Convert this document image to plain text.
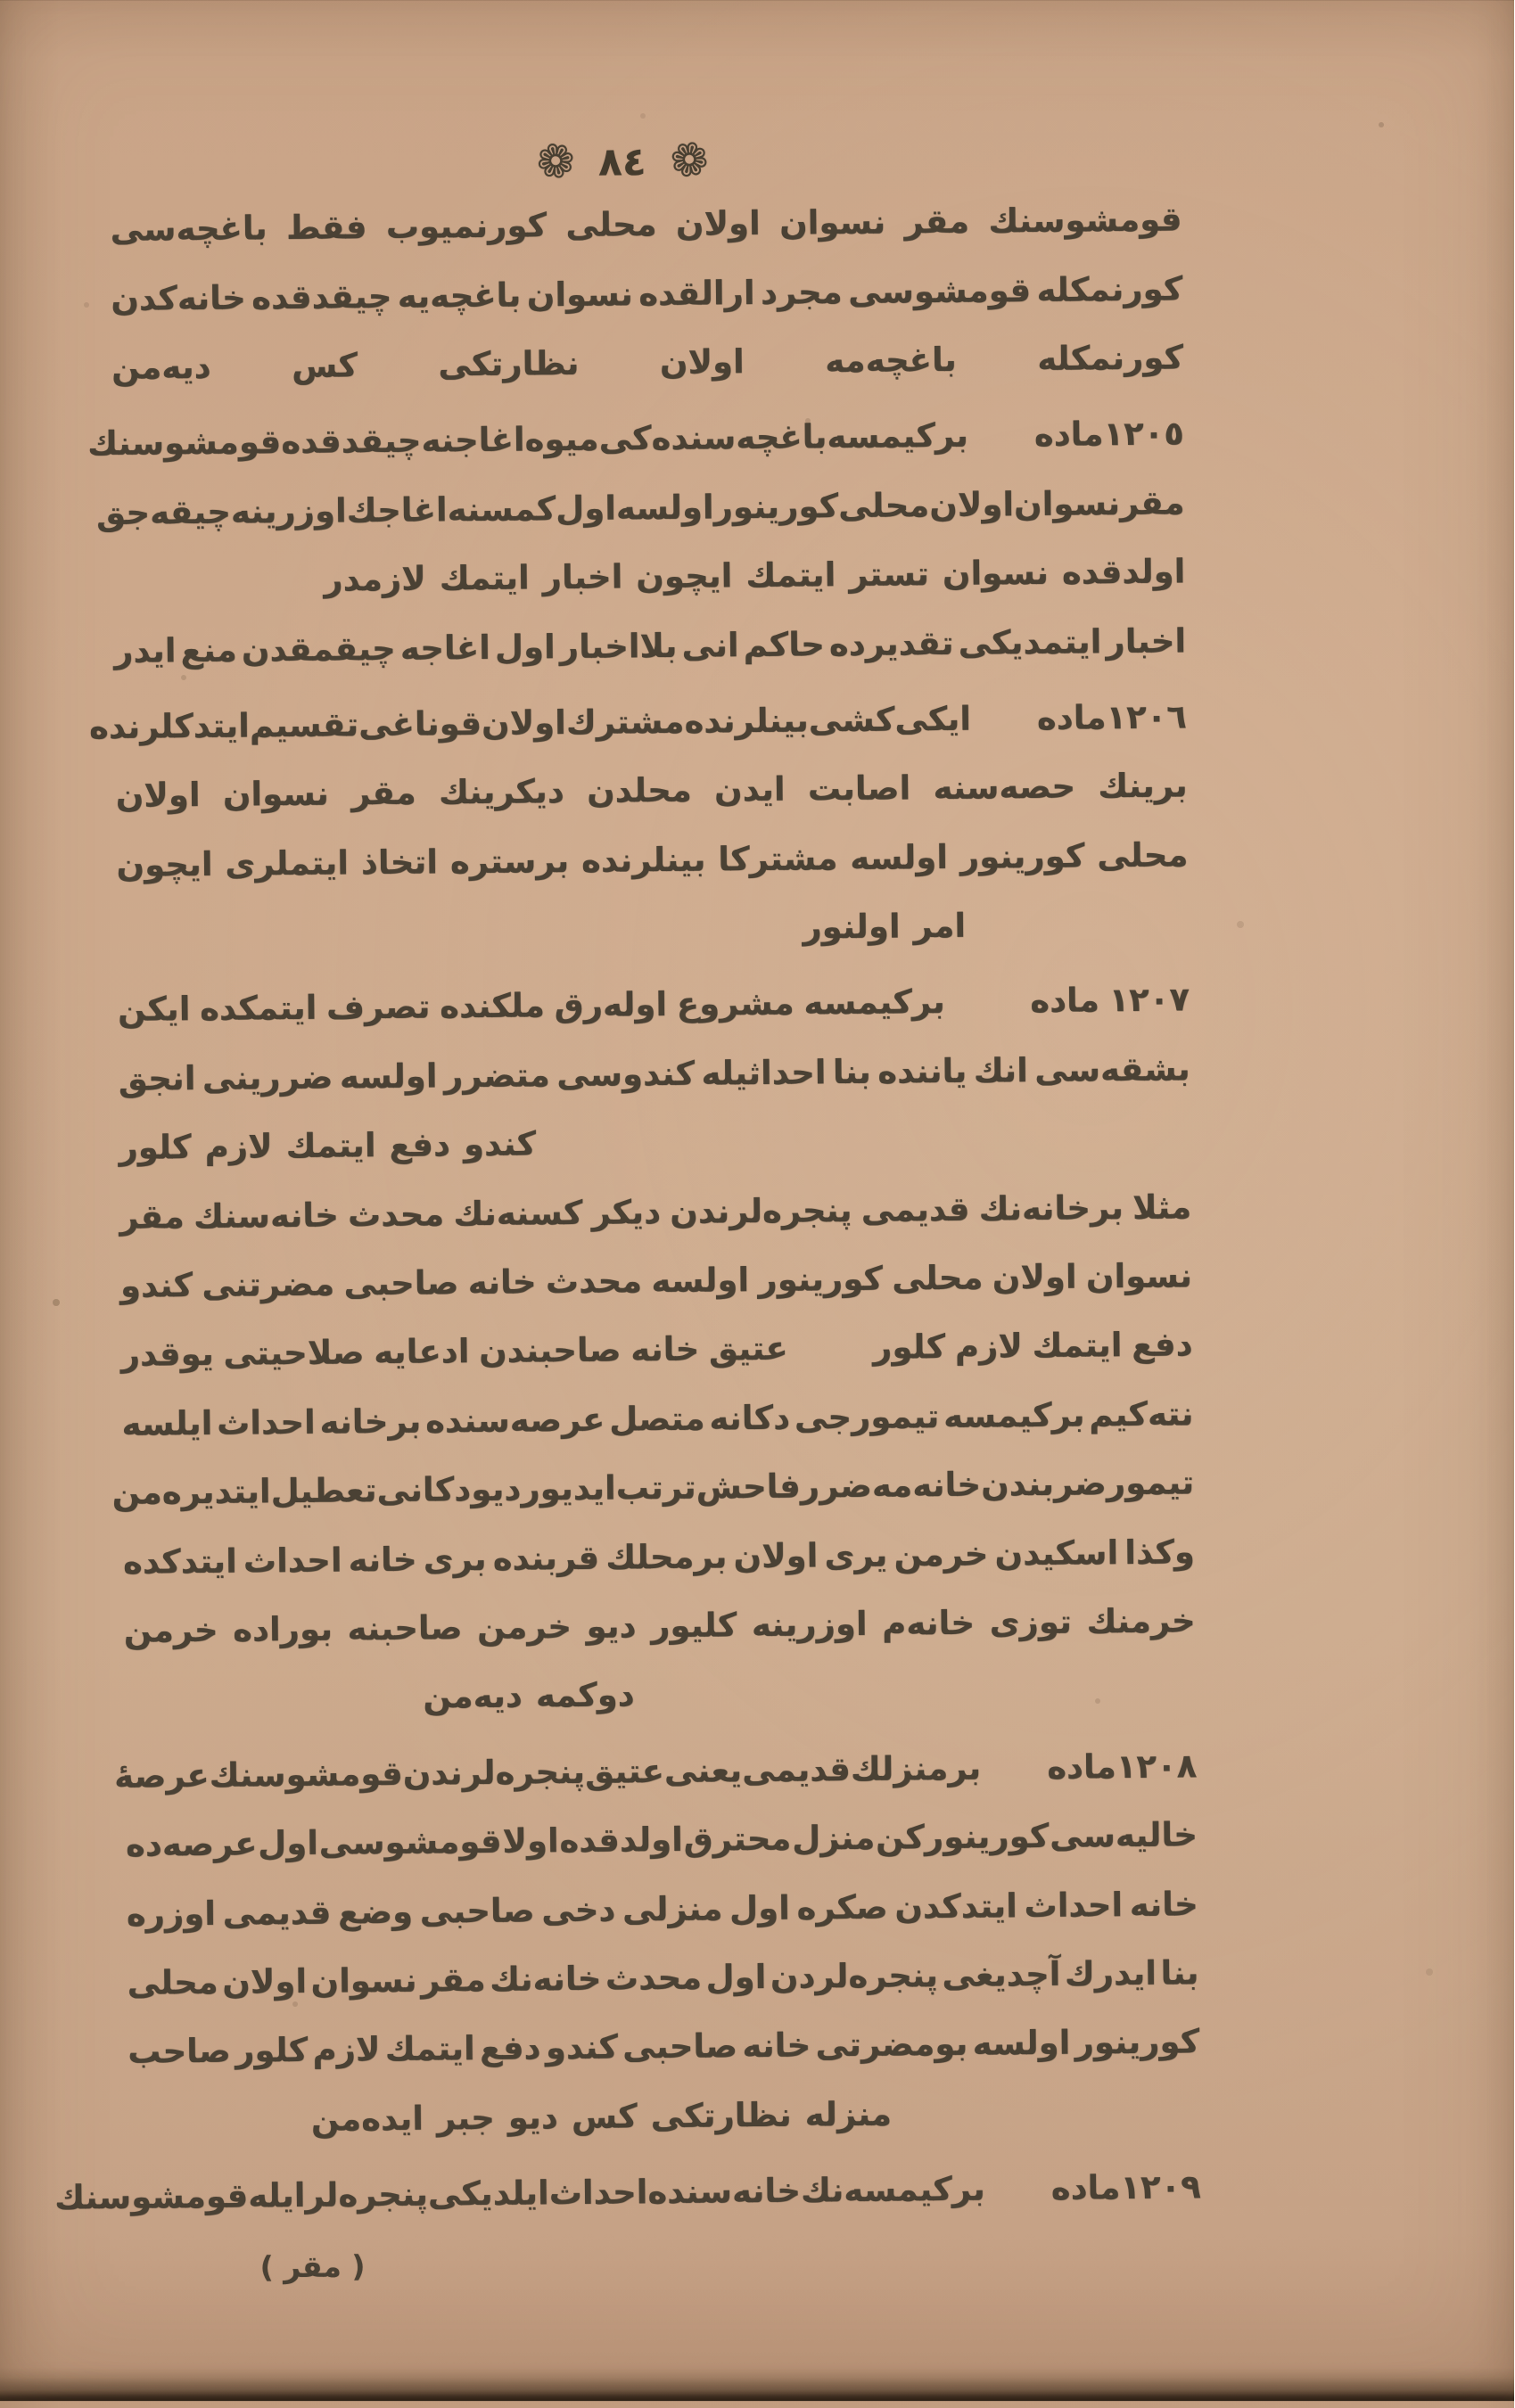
❁
٨٤
❁
قومشوسنك
مقر
نسوان
اولان
محلى
كورنميوب
فقط
باغچه‌سى
كورنمكله
قومشوسى
مجرد
ارالقده
نسوان
باغچه‌يه
چيقدقده
خانه‌كدن
كورنمكله
باغچه‌مه
اولان
نظارتكى
كس
ديه‌من
١٢٠٥
ماده

بركيمسه
باغچه‌سنده‌كى
ميوه
اغاجنه
چيقدقده
قومشوسنك
مقرنسوان
اولان
محلى
كورينور
اولسه
اول
كمسنه
اغاجك
اوزرينه
چيقه‌جق
اولدقده
نسوان
تستر
ايتمك
ايچون
اخبار
ايتمك
لازمدر
اخبار
ايتمديكى
تقديرده
حاكم
انى
بلااخبار
اول
اغاجه
چيقمقدن
منع
ايدر
١٢٠٦
ماده

ايكى
كشى
بينلرنده
مشترك
اولان
قوناغى
تقسيم
ايتدكلرنده
برينك
حصه‌سنه
اصابت
ايدن
محلدن
ديكرينك
مقر
نسوان
اولان
محلى
كورينور
اولسه
مشتركا
بينلرنده
برستره
اتخاذ
ايتملرى
ايچون
امر
اولنور
١٢٠٧
ماده

بركيمسه
مشروع
اوله‌رق
ملكنده
تصرف
ايتمكده
ايكن
بشقه‌سى
انك
ياننده
بنا
احداثيله
كندوسى
متضرر
اولسه
ضررينى
انجق
كندو
دفع
ايتمك
لازم
كلور
مثلا
برخانه‌نك
قديمى
پنجره‌لرندن
ديكر
كسنه‌نك
محدث
خانه‌سنك
مقر
نسوان
اولان
محلى
كورينور
اولسه
محدث
خانه
صاحبى
مضرتنى
كندو
دفع
ايتمك
لازم
كلور

عتيق
خانه
صاحبندن
ادعايه
صلاحيتى
يوقدر
نته‌كيم
بركيمسه
تيمورجى
دكانه
متصل
عرصه‌سنده
برخانه
احداث
ايلسه
تيمور
ضربندن
خانه‌مه
ضرر
فاحش
ترتب
ايديور
ديو
دكانى
تعطيل
ايتديره‌من
وكذا
اسكيدن
خرمن
يرى
اولان
برمحلك
قربنده
برى
خانه
احداث
ايتدكده
خرمنك
توزى
خانه‌م
اوزرينه
كليور
ديو
خرمن
صاحبنه
بوراده
خرمن
دوكمه
ديه‌من
١٢٠٨
ماده

برمنزلك
قديمى
يعنى
عتيق
پنجره‌لرندن
قومشوسنك
عرصهٔ
خاليه‌سى
كورينوركن
منزل
محترق
اولدقده
اولا
قومشوسى
اول
عرصه‌ده
خانه
احداث
ايتدكدن
صكره
اول
منزلى
دخى
صاحبى
وضع
قديمى
اوزره
بنا
ايدرك
آچديغى
پنجره‌لردن
اول
محدث
خانه‌نك
مقر
نسوان
اولان
محلى
كورينور
اولسه
بومضرتى
خانه
صاحبى
كندو
دفع
ايتمك
لازم
كلور
صاحب
منزله
نظارتكى
كس
ديو
جبر
ايده‌من
١٢٠٩
ماده

بركيمسه‌نك
خانه‌سنده
احداث
ايلديكى
پنجره‌لر
ايله
قومشوسنك
( مقر )
